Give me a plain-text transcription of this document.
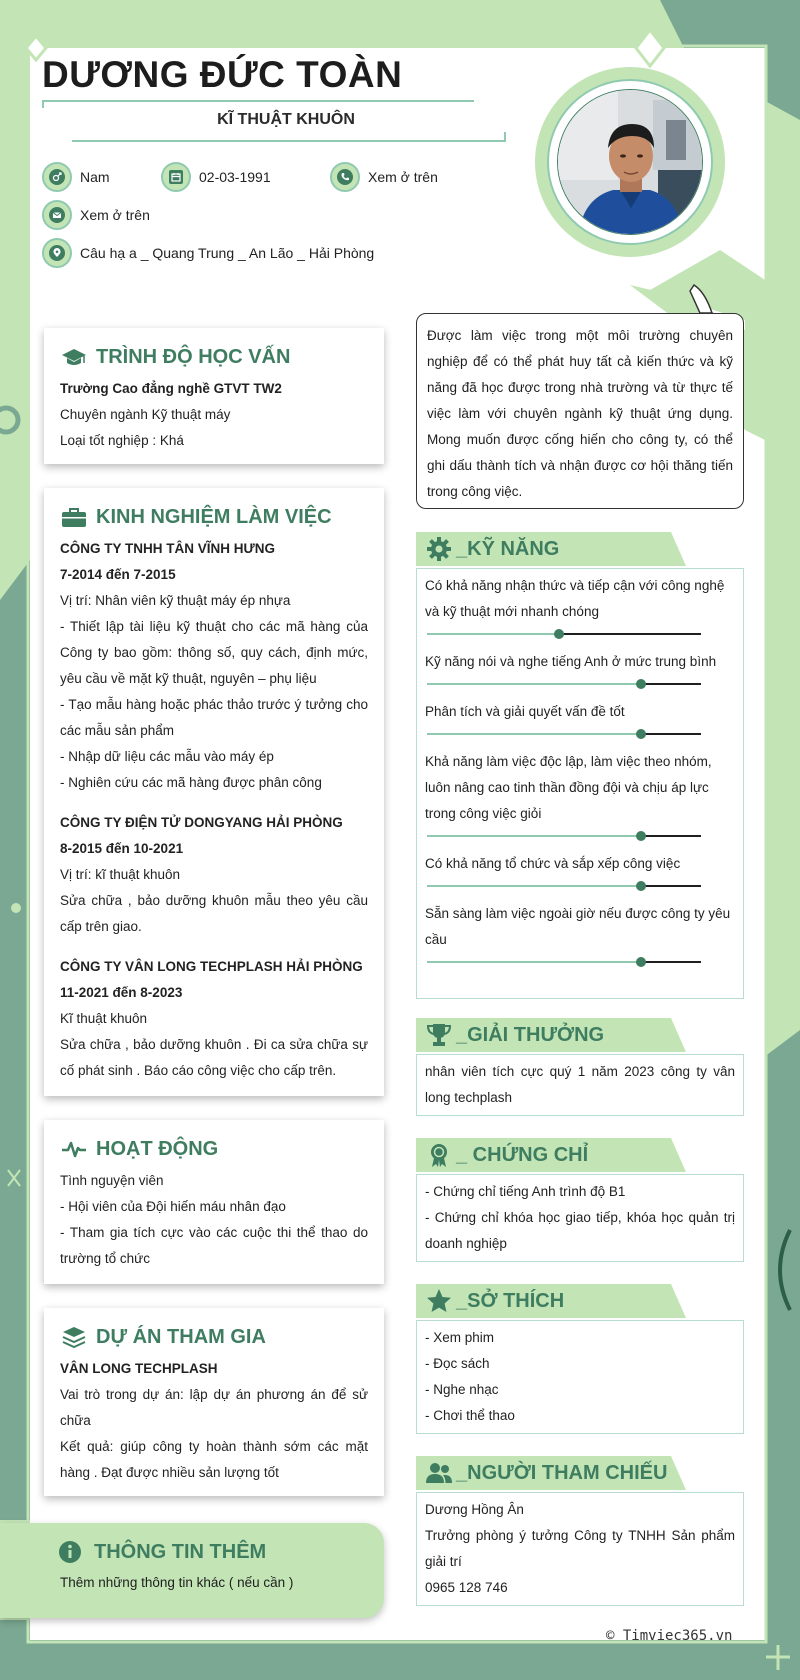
DƯƠNG ĐỨC TOÀN
KĨ THUẬT KHUÔN
Nam	02-03-1991	Xem ở trên
Xem ở trên
Câu hạ a _ Quang Trung _ An Lão _ Hải Phòng
Được làm việc trong một môi trường chuyên nghiệp để có thể phát huy tất cả kiến thức và kỹ năng đã học được trong nhà trường và từ thực tế việc làm với chuyên ngành kỹ thuật ứng dụng. Mong muốn được cống hiến cho công ty, có thể ghi dấu thành tích và nhận được cơ hội thăng tiến trong công việc.
TRÌNH ĐỘ HỌC VẤN
Trường Cao đẳng nghề GTVT TW2
Chuyên ngành Kỹ thuật máy
Loại tốt nghiệp : Khá
KINH NGHIỆM LÀM VIỆC
CÔNG TY TNHH TÂN VĨNH HƯNG
7-2014 đến 7-2015
Vị trí: Nhân viên kỹ thuật máy ép nhựa
- Thiết lập tài liệu kỹ thuật cho các mã hàng của Công ty bao gồm: thông số, quy cách, định mức, yêu cầu về mặt kỹ thuật, nguyên – phụ liệu
- Tạo mẫu hàng hoặc phác thảo trước ý tưởng cho các mẫu sản phẩm
- Nhập dữ liệu các mẫu vào máy ép
- Nghiên cứu các mã hàng được phân công
CÔNG TY ĐIỆN TỬ DONGYANG HẢI PHÒNG
8-2015 đến 10-2021
Vị trí: kĩ thuật khuôn
Sửa chữa , bảo dưỡng khuôn mẫu theo yêu cầu cấp trên giao.
CÔNG TY VÂN LONG TECHPLASH HẢI PHÒNG
11-2021 đến 8-2023
Kĩ thuật khuôn
Sửa chữa , bảo dưỡng khuôn . Đi ca sửa chữa sự cố phát sinh . Báo cáo công việc cho cấp trên.
HOẠT ĐỘNG
Tình nguyện viên
- Hội viên của Đội hiến máu nhân đạo
- Tham gia tích cực vào các cuộc thi thể thao do trường tổ chức
DỰ ÁN THAM GIA
VÂN LONG TECHPLASH
Vai trò trong dự án: lập dự án phương án để sử chữa
Kết quả: giúp công ty hoàn thành sớm các mặt hàng . Đạt được nhiều sản lượng tốt
THÔNG TIN THÊM
Thêm những thông tin khác ( nếu cần )
_KỸ NĂNG
Có khả năng nhận thức và tiếp cận với công nghệ và kỹ thuật mới nhanh chóng
Kỹ năng nói và nghe tiếng Anh ở mức trung bình
Phân tích và giải quyết vấn đề tốt
Khả năng làm việc độc lập, làm việc theo nhóm, luôn nâng cao tinh thần đồng đội và chịu áp lực trong công việc giỏi
Có khả năng tổ chức và sắp xếp công việc
Sẵn sàng làm việc ngoài giờ nếu được công ty yêu cầu
_GIẢI THƯỞNG
nhân viên tích cực quý 1 năm 2023 công ty vân long techplash
_ CHỨNG CHỈ
- Chứng chỉ tiếng Anh trình độ B1
- Chứng chỉ khóa học giao tiếp, khóa học quản trị doanh nghiệp
_SỞ THÍCH
- Xem phim
- Đọc sách
- Nghe nhạc
- Chơi thể thao
_NGƯỜI THAM CHIẾU
Dương Hồng Ân
Trưởng phòng ý tưởng Công ty TNHH Sản phẩm giải trí
0965 128 746
© Timviec365.vn
